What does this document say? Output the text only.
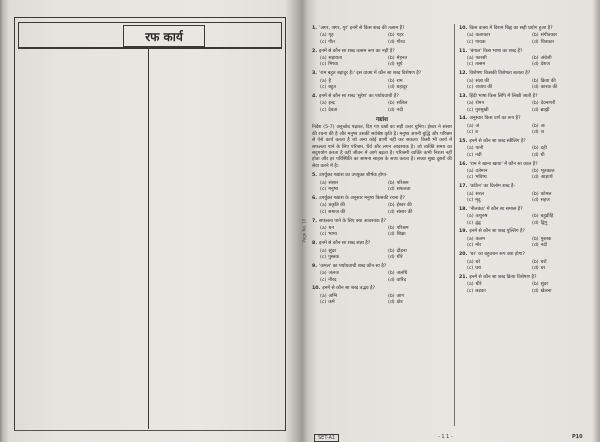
रफ कार्य
Page No. 10
1. 'अगर, जगर, गुर' इनमें से किस शब्द की तत्सम हैं?
(a) गृह	(b) गहर
(c) गीत	(d) गौरव
2. इनमें से कौन सा शब्द तत्सम रूप का नहीं है?
(a) सहायता	(b) मेहनत
(c) मिथ्या	(d) सूर्य
3. 'राम बहुत बहादुर है।' इस वाक्य में कौन सा शब्द विशेषण है?
(a) है	(b) राम
(c) बहुत	(d) बहादुर
4. इनमें से कौन सा शब्द 'सुरेश' का पर्यायवाची है?
(a) इन्द्र	(b) सलिल
(c) देवता	(d) नदी
गद्यांश
निर्देश (5-7) अनुच्छेद पढ़कर, दिए गए प्रश्नों का सही उत्तर चुनिए। ईश्वर ने संसार की रचना की है और मनुष्य उसकी सर्वश्रेष्ठ कृति है। मनुष्य अपनी बुद्धि और परिश्रम से ऐसे कार्य करता है जो अन्य कोई प्राणी नहीं कर सकता। किसी भी कार्य में सफलता पाने के लिए परिश्रम, धैर्य और लगन आवश्यक है। जो व्यक्ति समय का सदुपयोग करता है वही जीवन में आगे बढ़ता है। परिश्रमी व्यक्ति कभी निराश नहीं होता और हर परिस्थिति का सामना साहस के साथ करता है। सच्चा सुख दूसरों की सेवा करने में है।
5. उपर्युक्त गद्यांश का उपयुक्त शीर्षक होगा-
(a) संसार	(b) परिश्रम
(c) मनुष्य	(d) सफलता
6. उपर्युक्त गद्यांश के अनुसार मनुष्य किसकी रचना है?
(a) प्रकृति की	(b) ईश्वर की
(c) समाज की	(d) संसार की
7. सफलता पाने के लिए क्या आवश्यक है?
(a) धन	(b) परिश्रम
(c) भाग्य	(d) शिक्षा
8. इनमें से कौन सा शब्द संज्ञा है?
(a) सुंदर	(b) दौड़ना
(c) पुस्तक	(d) धीरे
9. 'कमल' का पर्यायवाची शब्द कौन सा है?
(a) जलज	(b) जलधि
(c) नीरद	(d) वारिद
10. इनमें से कौन सा शब्द तद्भव है?
(a) अग्नि	(b) आग
(c) कर्म	(d) क्षेत्र
10. किस वाक्य में विराम चिह्न का सही प्रयोग हुआ है?
(a) कलाकार	(b) संगीतकार
(c) गायक	(d) चित्रकार
11. 'बंगाल' किस भाषा का शब्द है?
(a) फारसी	(b) अंग्रेजी
(c) तत्सम	(d) देशज
12. विशेषण किसकी विशेषता बताता है?
(a) संज्ञा की	(b) क्रिया की
(c) अव्यय की	(d) कारक की
13. हिंदी भाषा किस लिपि में लिखी जाती है?
(a) रोमन	(b) देवनागरी
(c) गुरुमुखी	(d) ब्राह्मी
14. अनुस्वार किस वर्ण का रूप है?
(a) अं	(b) अः
(c) ङ	(d) ञ
15. इनमें से कौन सा शब्द स्त्रीलिंग है?
(a) पानी	(b) दही
(c) नदी	(d) घी
16. 'राम ने खाना खाया' में कौन सा काल है?
(a) वर्तमान	(b) भूतकाल
(c) भविष्य	(d) आज्ञार्थ
17. 'कठिन' का विलोम शब्द है-
(a) सरल	(b) कोमल
(c) मृदु	(d) सहज
18. 'नीलकंठ' में कौन सा समास है?
(a) तत्पुरुष	(b) बहुव्रीहि
(c) द्वंद्व	(d) द्विगु
19. इनमें से कौन सा शब्द पुल्लिंग है?
(a) कलम	(b) पुस्तक
(c) मोर	(d) नदी
20. 'घर' का बहुवचन रूप क्या होगा?
(a) घरे	(b) घरों
(c) घरा	(d) घर
21. इनमें से कौन सा शब्द क्रिया विशेषण है?
(a) धीरे	(b) सुंदर
(c) लड़का	(d) खेलना
SET-A1	- 1 1 -	P10
